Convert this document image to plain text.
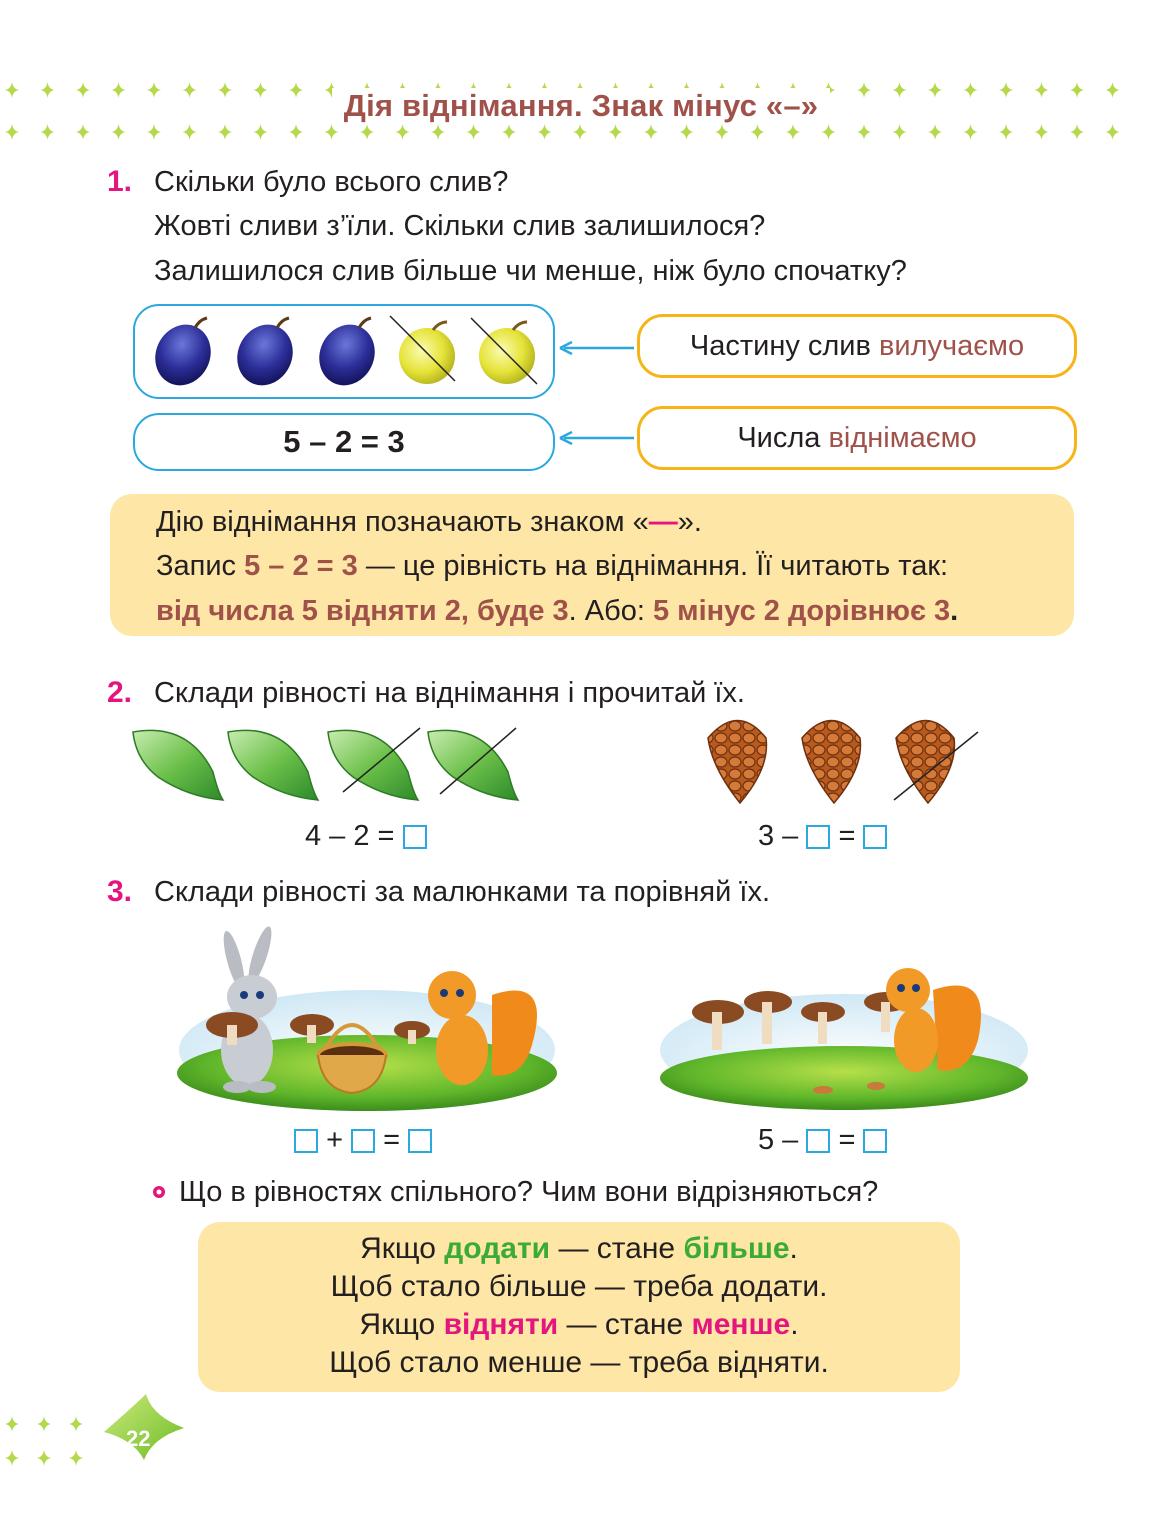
Дія віднімання. Знак мінус «–»
1. Скільки було всього слив?
Жовті сливи з’їли. Скільки слив залишилося?
Залишилося слив більше чи менше, ніж було спочатку?
5 – 2 = 3
Частину слив вилучаємо
Числа віднімаємо
Дію віднімання позначають знаком «—».
Запис 5 – 2 = 3 — це рівність на віднімання. Її читають так:
від числа 5 відняти 2, буде 3. Або: 5 мінус 2 дорівнює 3.
2. Склади рівності на віднімання і прочитай їх.
4 – 2 =	3 – =
3. Склади рівності за малюнками та порівняй їх.
+ =	5 – =
Що в рівностях спільного? Чим вони відрізняються?
Якщо додати — стане більше.
Щоб стало більше — треба додати.
Якщо відняти — стане менше.
Щоб стало менше — треба відняти.
22
